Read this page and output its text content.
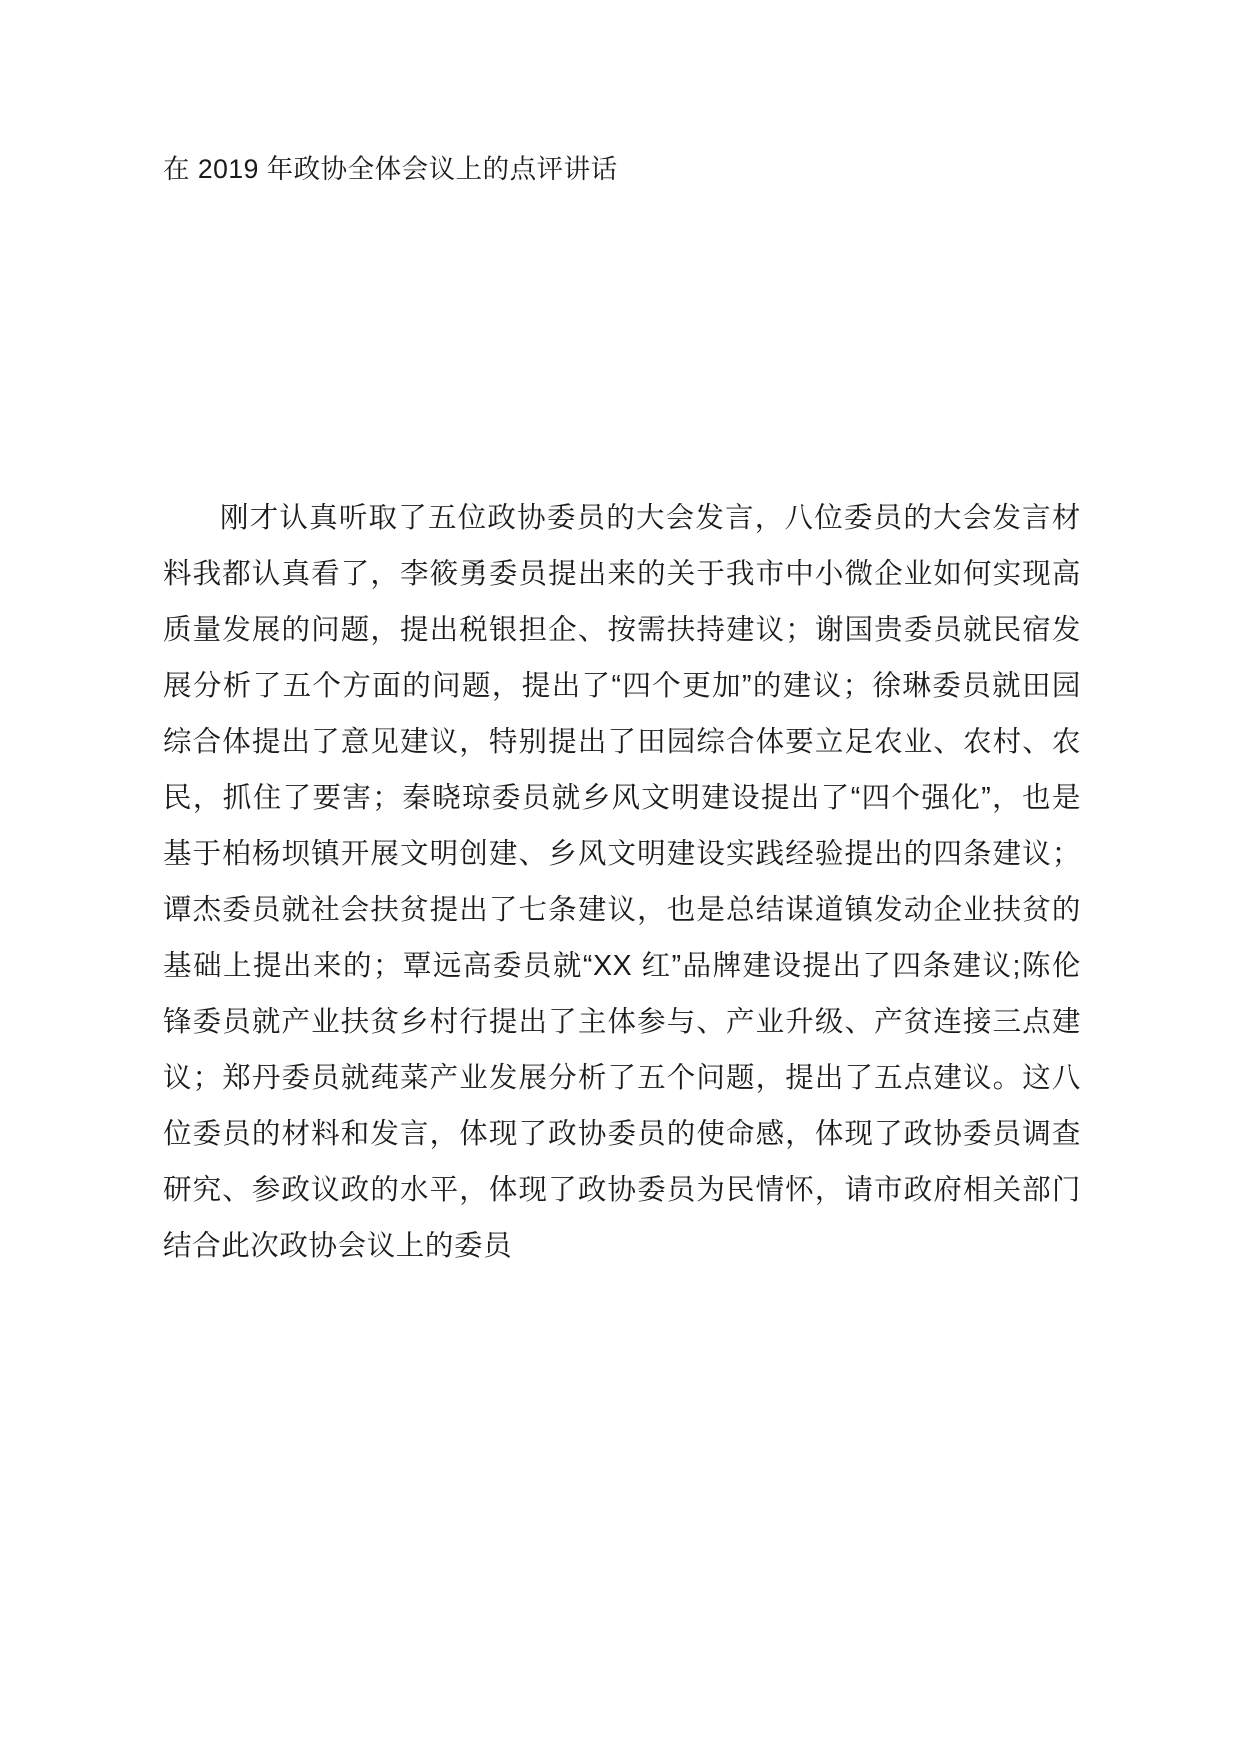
在 2019 年政协全体会议上的点评讲话

刚才认真听取了五位政协委员的大会发言，八位委员的大会发言材料我都认真看了，李筱勇委员提出来的关于我市中小微企业如何实现高质量发展的问题，提出税银担企、按需扶持建议；谢国贵委员就民宿发展分析了五个方面的问题，提出了“四个更加”的建议；徐琳委员就田园综合体提出了意见建议，特别提出了田园综合体要立足农业、农村、农民，抓住了要害；秦晓琼委员就乡风文明建设提出了“四个强化”，也是基于柏杨坝镇开展文明创建、乡风文明建设实践经验提出的四条建议；谭杰委员就社会扶贫提出了七条建议，也是总结谋道镇发动企业扶贫的基础上提出来的；覃远高委员就“XX 红”品牌建设提出了四条建议;陈伦锋委员就产业扶贫乡村行提出了主体参与、产业升级、产贫连接三点建议；郑丹委员就莼菜产业发展分析了五个问题，提出了五点建议。这八位委员的材料和发言，体现了政协委员的使命感，体现了政协委员调查研究、参政议政的水平，体现了政协委员为民情怀，请市政府相关部门结合此次政协会议上的委员
